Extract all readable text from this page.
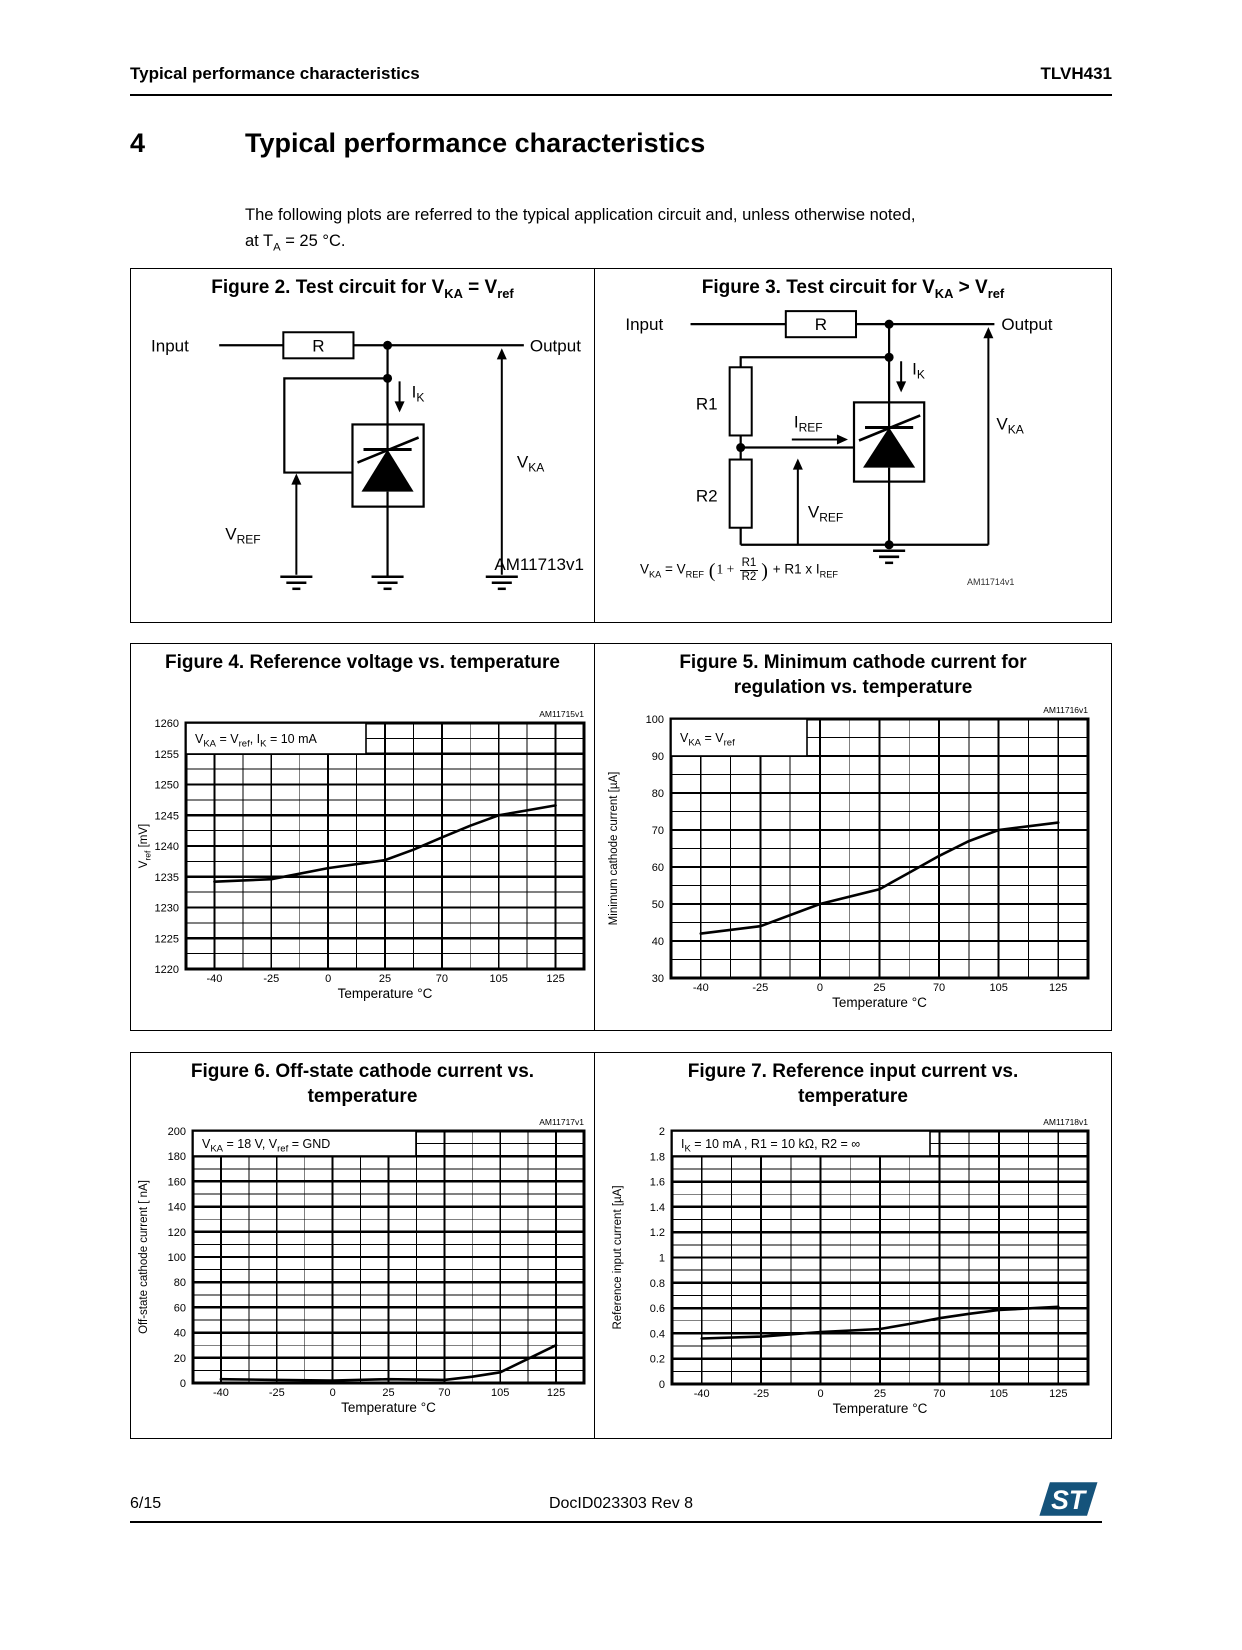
Typical performance characteristics	TLVH431
4	Typical performance characteristics
The following plots are referred to the typical application circuit and, unless otherwise noted,
at $T_A = 25$ °C.
Figure 2. Test circuit for $V_{KA} = V_{ref}$
Input	R	Output
$I_K$
$V_{REF}$
$V_{KA}$
AM11713v1
Figure 3. Test circuit for $V_{KA} > V_{ref}$
Input	R	Output
R1
R2
$I_{REF}$
$I_K$
$V_{REF}$
$V_{KA}$
$V_{KA} = V_{REF}$ ($1 + \frac{R1}{R2}$ ) + R1 x $I_{REF}$
AM11714v1
Figure 4. Reference voltage vs. temperature
$V_{KA}$ $^{= V}_{ref}^{, I}_K$ $^{= 10 mA}$
1220
1225
1230
1235
1240
1245
1250
1255
1260
-40	-25	0	25	70	105	125
$V_{ref}$ [mV]
Temperature °C
AM11715v1
Figure 5. Minimum cathode current for
regulation vs. temperature
$V_{KA}$ $^{= V}_{ref}$
30
40
50
60
70
80
90
100
-40	-25	0	25	70	105	125
Minimum cathode current [µA]
Temperature °C
AM11716v1
Figure 6. Off-state cathode current vs.
temperature
$V_{KA}$ $^{= 18 V, V}_{ref}$ $^{= GND}$
0
20
40
60
80
100
120
140
160
180
200
-40	-25	0	25	70	105	125
Off-state cathode current [ nA]
Temperature °C
AM11717v1
Figure 7. Reference input current vs.
temperature
$I_K$ $^{= 10 mA , R1 = 10 k\Omega, R2 = \infty}$
0
0.2
0.4
0.6
0.8
1
1.2
1.4
1.6
1.8
2
-40	-25	0	25	70	105	125
Reference input current [µA]
Temperature °C
AM11718v1
6/15	DocID023303 Rev 8	ST
